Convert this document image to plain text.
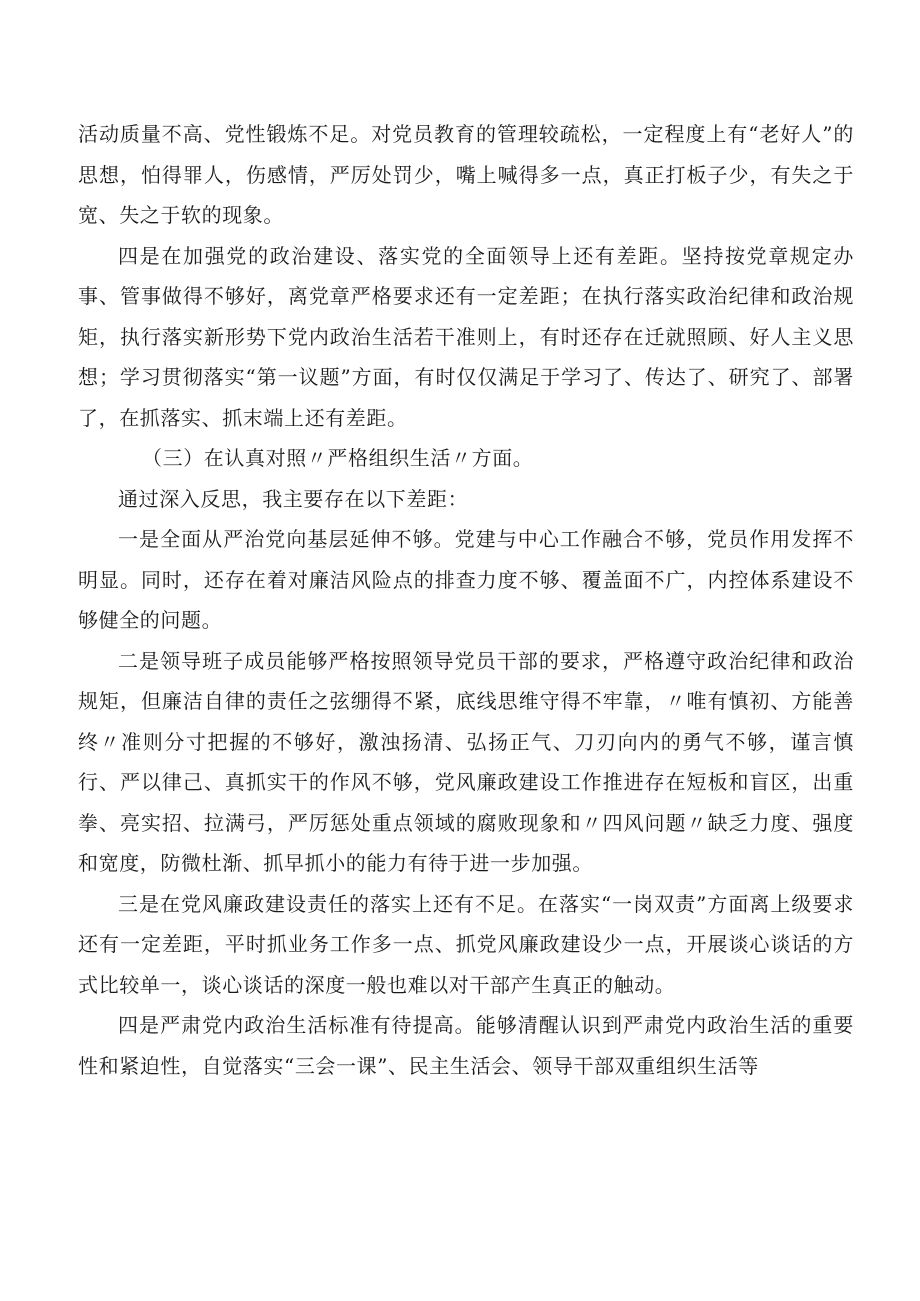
活动质量不高、党性锻炼不足。对党员教育的管理较疏松，一定程度上有“老好人”的思想，怕得罪人，伤感情，严厉处罚少，嘴上喊得多一点，真正打板子少，有失之于宽、失之于软的现象。

四是在加强党的政治建设、落实党的全面领导上还有差距。坚持按党章规定办事、管事做得不够好，离党章严格要求还有一定差距；在执行落实政治纪律和政治规矩，执行落实新形势下党内政治生活若干准则上，有时还存在迁就照顾、好人主义思想；学习贯彻落实“第一议题”方面，有时仅仅满足于学习了、传达了、研究了、部署了，在抓落实、抓末端上还有差距。

（三）在认真对照〃严格组织生活〃方面。

通过深入反思，我主要存在以下差距：

一是全面从严治党向基层延伸不够。党建与中心工作融合不够，党员作用发挥不明显。同时，还存在着对廉洁风险点的排查力度不够、覆盖面不广，内控体系建设不够健全的问题。

二是领导班子成员能够严格按照领导党员干部的要求，严格遵守政治纪律和政治规矩，但廉洁自律的责任之弦绷得不紧，底线思维守得不牢靠，〃唯有慎初、方能善终〃准则分寸把握的不够好，激浊扬清、弘扬正气、刀刃向内的勇气不够，谨言慎行、严以律己、真抓实干的作风不够，党风廉政建设工作推进存在短板和盲区，出重拳、亮实招、拉满弓，严厉惩处重点领域的腐败现象和〃四风问题〃缺乏力度、强度和宽度，防微杜渐、抓早抓小的能力有待于进一步加强。

三是在党风廉政建设责任的落实上还有不足。在落实“一岗双责”方面离上级要求还有一定差距，平时抓业务工作多一点、抓党风廉政建设少一点，开展谈心谈话的方式比较单一，谈心谈话的深度一般也难以对干部产生真正的触动。

四是严肃党内政治生活标准有待提高。能够清醒认识到严肃党内政治生活的重要性和紧迫性，自觉落实“三会一课”、民主生活会、领导干部双重组织生活等
